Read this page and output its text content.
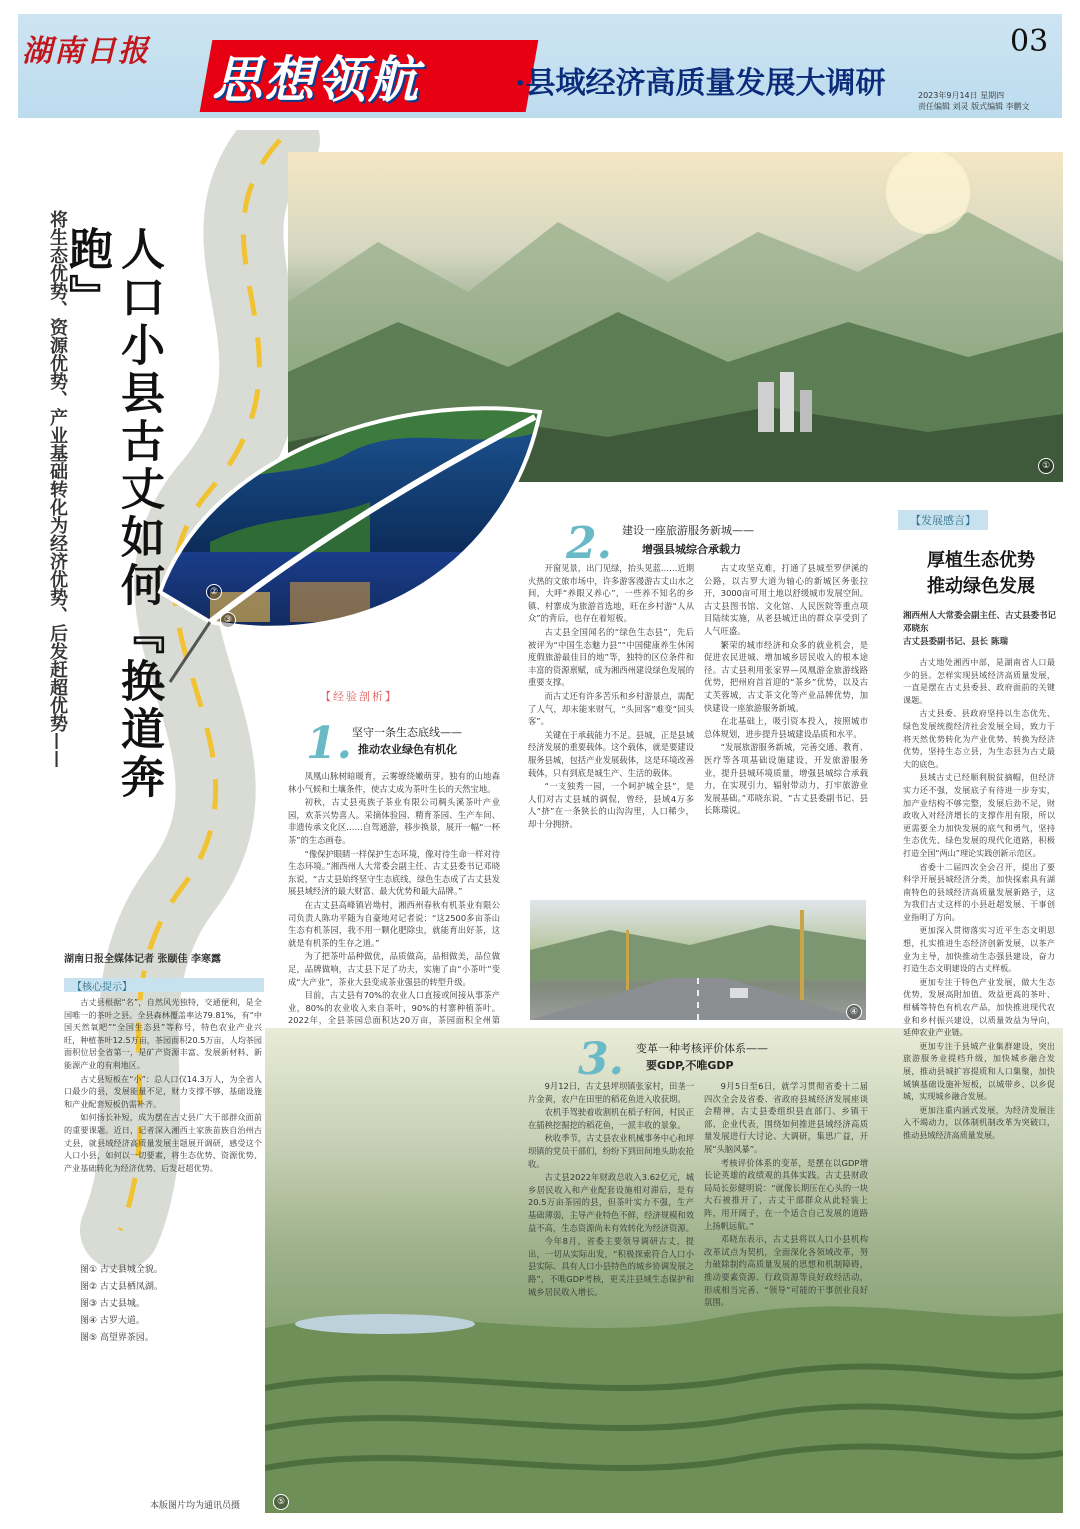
湖南日报 思想领航	·县域经济高质量发展大调研
03
2023年9月14日 星期四
责任编辑 刘灵 版式编辑 李鹏文
人口小县古丈如何『换道奔跑』
将生态优势、资源优势、产业基础转化为经济优势、后发赶超优势——	①
②
③
【经验剖析】
1. 坚守一条生态底线——
推动农业绿色有机化

凤凰山脉树暗暖育，云雾缭绕嫩萌芽。独有的山地森林小气候和土壤条件，使古丈成为茶叶生长的天然宝地。

初秋，古丈县夷族子茶业有限公司稠头溪茶叶产业园，欢茶兴势喜人。采摘体验园、精育茶园、生产车间、非遗传承文化区……自驾通游，移步换景，展开一幅“一杯茶”的生态画卷。

“像保护眼睛一样保护生态环境，像对待生命一样对待生态环境。”湘西州人大常委会副主任、古丈县委书记邓晓东说，“古丈县始终坚守生态底线，绿色生态成了古丈县发展县域经济的最大财富、最大优势和最大品牌。”

在古丈县高峰镇岩坳村，湘西州春秋有机茶业有限公司负责人陈功平随为自豪地对记者说：“这2500多亩茶山生态有机茶园，我不用一颗化肥除虫，就能育出好茶，这就是有机茶的生存之道。”

为了把茶叶品种做优，品质做高，品相做美，品位做足，品牌做响，古丈县下足了功夫，实施了由“小茶叶”变成“大产业”，茶业大县变成茶业强县的转型升级。

目前，古丈县有70%的农业人口直接或间接从事茶产业，80%的农业收入来自茶叶，90%的村寨种植茶叶。2022年，全县茶园总面积达20万亩，茶园面积全州第

2. 建设一座旅游服务新城——
增强县城综合承载力

开窗见景，出门见绿，抬头见蓝……近期火热的文旅市场中，许多游客漫游古丈山水之间，大呼“养眼又养心”，一些养不知名的乡镇、村寨成为旅游首选地，旺在乡村游“人从众”的背后，也存在着短板。

古丈县全国闻名的“绿色生态县”，先后被评为“中国生态魅力县”“中国健康养生休闲度假旅游最佳目的地”等，独特的区位条件和丰富的资源禀赋，成为湘西州建设绿色发展的重要支撑。

而古丈还有许多苦乐和乡村游景点，需配了人气，却未能来财气，“头回客”难变“回头客”。

关键在于承载能力不足。县城，正是县域经济发展的重要载体。这个载体，就是要建设服务县城，包括产业发展载体，这是环境改善载体，只有到底是城生产、生活的载体。

“一支独秀一园，一个呵护城全县”，是人们对古丈县城的调侃，曾经，县域4万多人“挤”在一条狭长的山沟沟里，人口稀少，却十分拥挤。

古丈攻坚克难，打通了县城至罗伊溪的公路，以古罗大道为轴心的新城区务张拉开，3000亩可用土地以舒缓城市发展空间。古丈县图书馆、文化馆、人民医院等重点项目陆续实施，从老县城迁出的群众享受到了人气旺盛。

繁荣的城市经济和众多的就业机会，是促进农民进城、增加城乡居民收入的根本途径。古丈县利用张家界—凤凰游金旅游线路优势，把州府首首迎的“茶乡”优势，以及古丈芙蓉城，古丈茶文化等产业品牌优势，加快建设一座旅游服务新城。

在北基础上，吸引资本投入，按照城市总体规划，进步提升县城建设品质和水平。

“发展旅游服务新城，完善交通、教育、医疗等各项基础设施建设，开发旅游服务业，提升县城环境质量，增强县城综合承载力，在实现引力，辐射带动力，打牢旅游业发展基础。”邓晓东说，“古丈县委副书记、县长陈瑞说。

④
⑤
3. 变革一种考核评价体系——
要GDP,不唯GDP

9月12日，古丈县坪坝镇张家村，田垄一片金黄，农户在田里的稻花鱼进入收获期。

农机手驾驶着收割机在稻子籽间，村民正在插秧挖掘挖的稻花鱼，一派丰收的景象。

秋收季节，古丈县农业机械事务中心和坪坝镇的党员干部们，纷纷下到田间地头助农抢收。

古丈县2022年财政总收入3.62亿元，城乡居民收入和产业配套设施相对滞后，是有20.5万亩茶园的县，但茶叶实力不强，生产基础薄弱，主导产业特色不鲜，经济规模和效益不高，生态资源尚未有效转化为经济资源。

今年8月，省委主要领导调研古丈，提出，一切从实际出发，“积极探索符合人口小县实际、具有人口小县特色的城乡协调发展之路”，不唯GDP考核，更关注县域生态保护和城乡居民收入增长。

9月5日至6日，就学习贯彻省委十二届四次全会及省委、省政府县城经济发展座谈会精神，古丈县委组织县直部门、乡镇干部、企业代表，围绕如何推进县域经济高质量发展进行大讨论、大调研，集思广益，开展“头脑风暴”。

考核评价体系的变革，是摆在以GDP增长论英雄的政绩观的具体实践。古丈县财政局局长彭健明说：“就像长期压在心头的一块大石被推开了，古丈干部群众从此轻装上阵，用开阔子，在一个适合自己发展的道路上扬帆远航。”

邓晓东表示，古丈县将以人口小县机构改革试点为契机，全面深化各领域改革，努力破除制约高质量发展的思想和机制障碍，推动要素资源、行政资源等良好政经活动，形成相当完善、“领导”可能的干事创业良好氛围。

【发展感言】
厚植生态优势
推动绿色发展
湘西州人大常委会副主任、古丈县委书记 邓晓东
古丈县委副书记、县长 陈瑞

古丈地处湘西中部，是湖南省人口最少的县。怎样实现县域经济高质量发展，一直是摆在古丈县委县、政府面前的关键课题。

古丈县委、县政府坚持以生态优先、绿色发展统揽经济社会发展全局，致力于将天然优势转化为产业优势、转换为经济优势，坚持生态立县，为生态县为古丈最大的底色。

县域古丈已经顺利脱贫摘帽，但经济实力还不强，发展底子有待进一步夯实，加产业结构不够完整，发展后劲不足，财政收入对经济增长的支撑作用有限，所以更需要全力加快发展的底气和勇气，坚持生态优先、绿色发展的现代化道路，积极打造全国“两山”理论实践创新示范区。

省委十二届四次全会召开，提出了要科学开展县城经济分类，加快探索具有湖南特色的县域经济高质量发展新路子，这为我们古丈这样的小县赶超发展、干事创业指明了方向。

更加深入贯彻落实习近平生态文明思想，扎实推进生态经济创新发展，以茶产业为主导，加快推动生态强县建设，奋力打造生态文明建设的古丈样板。

更加专注于特色产业发展，做大生态优势，发展高附加值、效益更高的茶叶、柑橘等特色有机农产品，加快推进现代农业和乡村振兴建设，以质量效益为导向，延伸农业产业链。

更加专注于县城产业集群建设，突出旅游服务业提档升级，加快城乡融合发展，推动县城扩容提质和人口集聚，加快城镇基础设施补短板，以城带乡、以乡促城，实现城乡融合发展。

更加注重内涵式发展，为经济发展注入不竭动力，以体制机制改革为突破口，推动县域经济高质量发展。

湖南日报全媒体记者 张颐佳 李寒露
【核心提示】

古丈县根据“名”，自然风光独特，交通便利，是全国唯一的茶叶之县。全县森林覆盖率达79.81%，有“中国天然氧吧”“全国生态县”等称号，特色农业产业兴旺，种植茶叶12.5万亩，茶园面积20.5万亩，人均茶园面积位居全省第一，是矿产资源丰富、发展新材料、新能源产业的有利地区。

古丈县短板在“小”：总人口仅14.3万人，为全省人口最少的县，发展能量不足，财力支撑不够，基础设施和产业配套短板仍需补齐。

如何扬长补短，成为摆在古丈县广大干部群众面前的重要课题。近日，记者深入湘西土家族苗族自治州古丈县，就县域经济高质量发展主题展开调研，感受这个人口小县，如何以一切要素，将生态优势、资源优势、产业基础转化为经济优势、后发赶超优势。

图① 古丈县城全貌。
图② 古丈县栖凤湖。
图③ 古丈县城。
图④ 古罗大道。
图⑤ 高望界茶园。
本版图片均为通讯员摄
